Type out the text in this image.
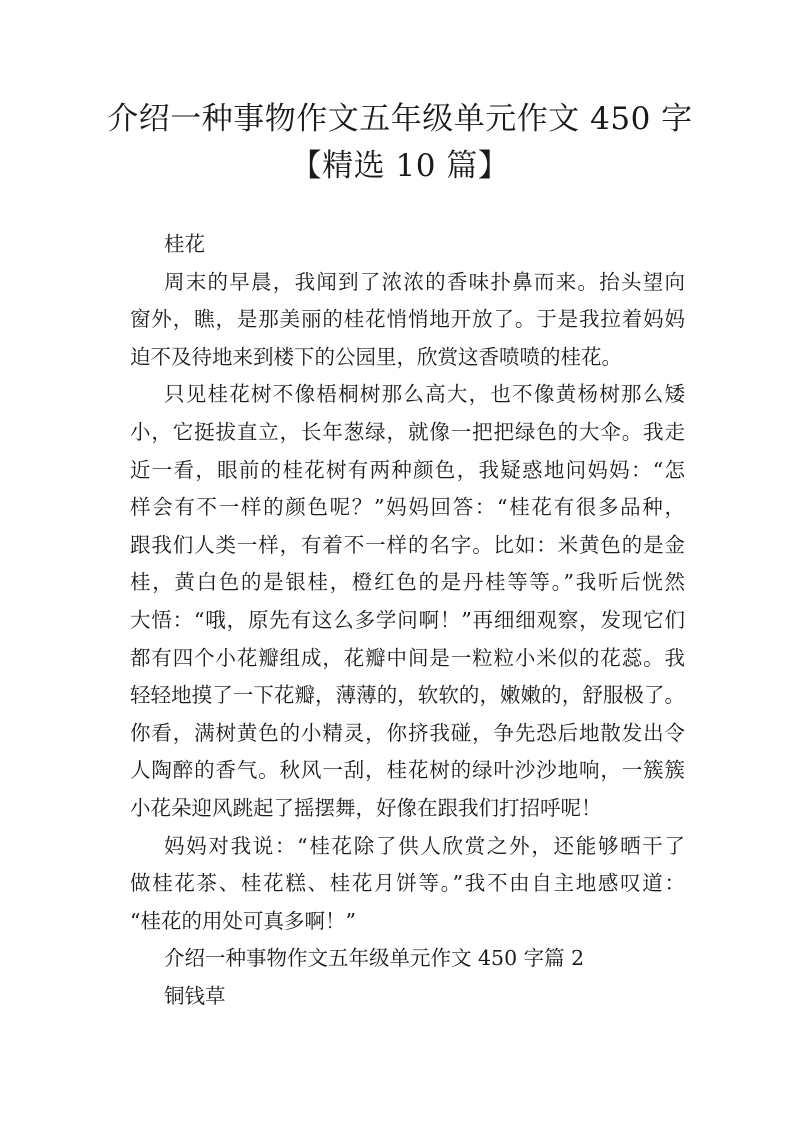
介绍一种事物作文五年级单元作文 450 字
【精选 10 篇】
桂花
周末的早晨，我闻到了浓浓的香味扑鼻而来。抬头望向
窗外，瞧，是那美丽的桂花悄悄地开放了。于是我拉着妈妈
迫不及待地来到楼下的公园里，欣赏这香喷喷的桂花。
只见桂花树不像梧桐树那么高大，也不像黄杨树那么矮
小，它挺拔直立，长年葱绿，就像一把把绿色的大伞。我走
近一看，眼前的桂花树有两种颜色，我疑惑地问妈妈：“怎
样会有不一样的颜色呢？”妈妈回答：“桂花有很多品种，
跟我们人类一样，有着不一样的名字。比如：米黄色的是金
桂，黄白色的是银桂，橙红色的是丹桂等等。”我听后恍然
大悟：“哦，原先有这么多学问啊！”再细细观察，发现它们
都有四个小花瓣组成，花瓣中间是一粒粒小米似的花蕊。我
轻轻地摸了一下花瓣，薄薄的，软软的，嫩嫩的，舒服极了。
你看，满树黄色的小精灵，你挤我碰，争先恐后地散发出令
人陶醉的香气。秋风一刮，桂花树的绿叶沙沙地响，一簇簇
小花朵迎风跳起了摇摆舞，好像在跟我们打招呼呢！
妈妈对我说：“桂花除了供人欣赏之外，还能够晒干了
做桂花茶、桂花糕、桂花月饼等。”我不由自主地感叹道：
“桂花的用处可真多啊！”
介绍一种事物作文五年级单元作文 450 字篇 2
铜钱草
